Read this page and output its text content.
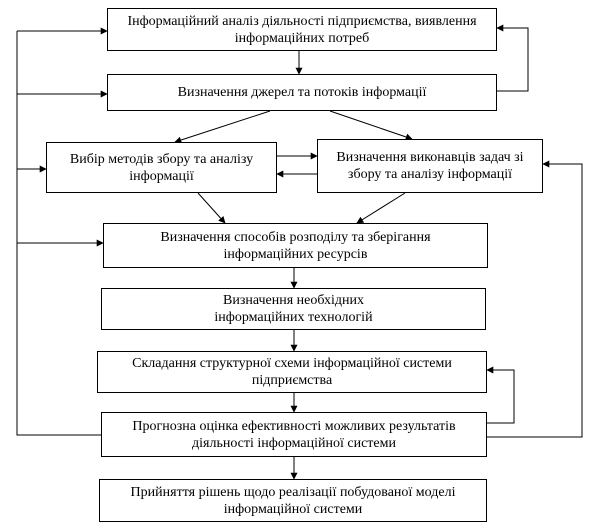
Інформаційний аналіз діяльності підприємства, виявлення
інформаційних потреб
Визначення джерел та потоків інформації
Вибір методів збору та аналізу
інформації
Визначення виконавців задач зі
збору та аналізу інформації
Визначення способів розподілу та зберігання
інформаційних ресурсів
Визначення необхідних
інформаційних технологій
Складання структурної схеми інформаційної системи
підприємства
Прогнозна оцінка ефективності можливих результатів
діяльності інформаційної системи
Прийняття рішень щодо реалізації побудованої моделі
інформаційної системи
